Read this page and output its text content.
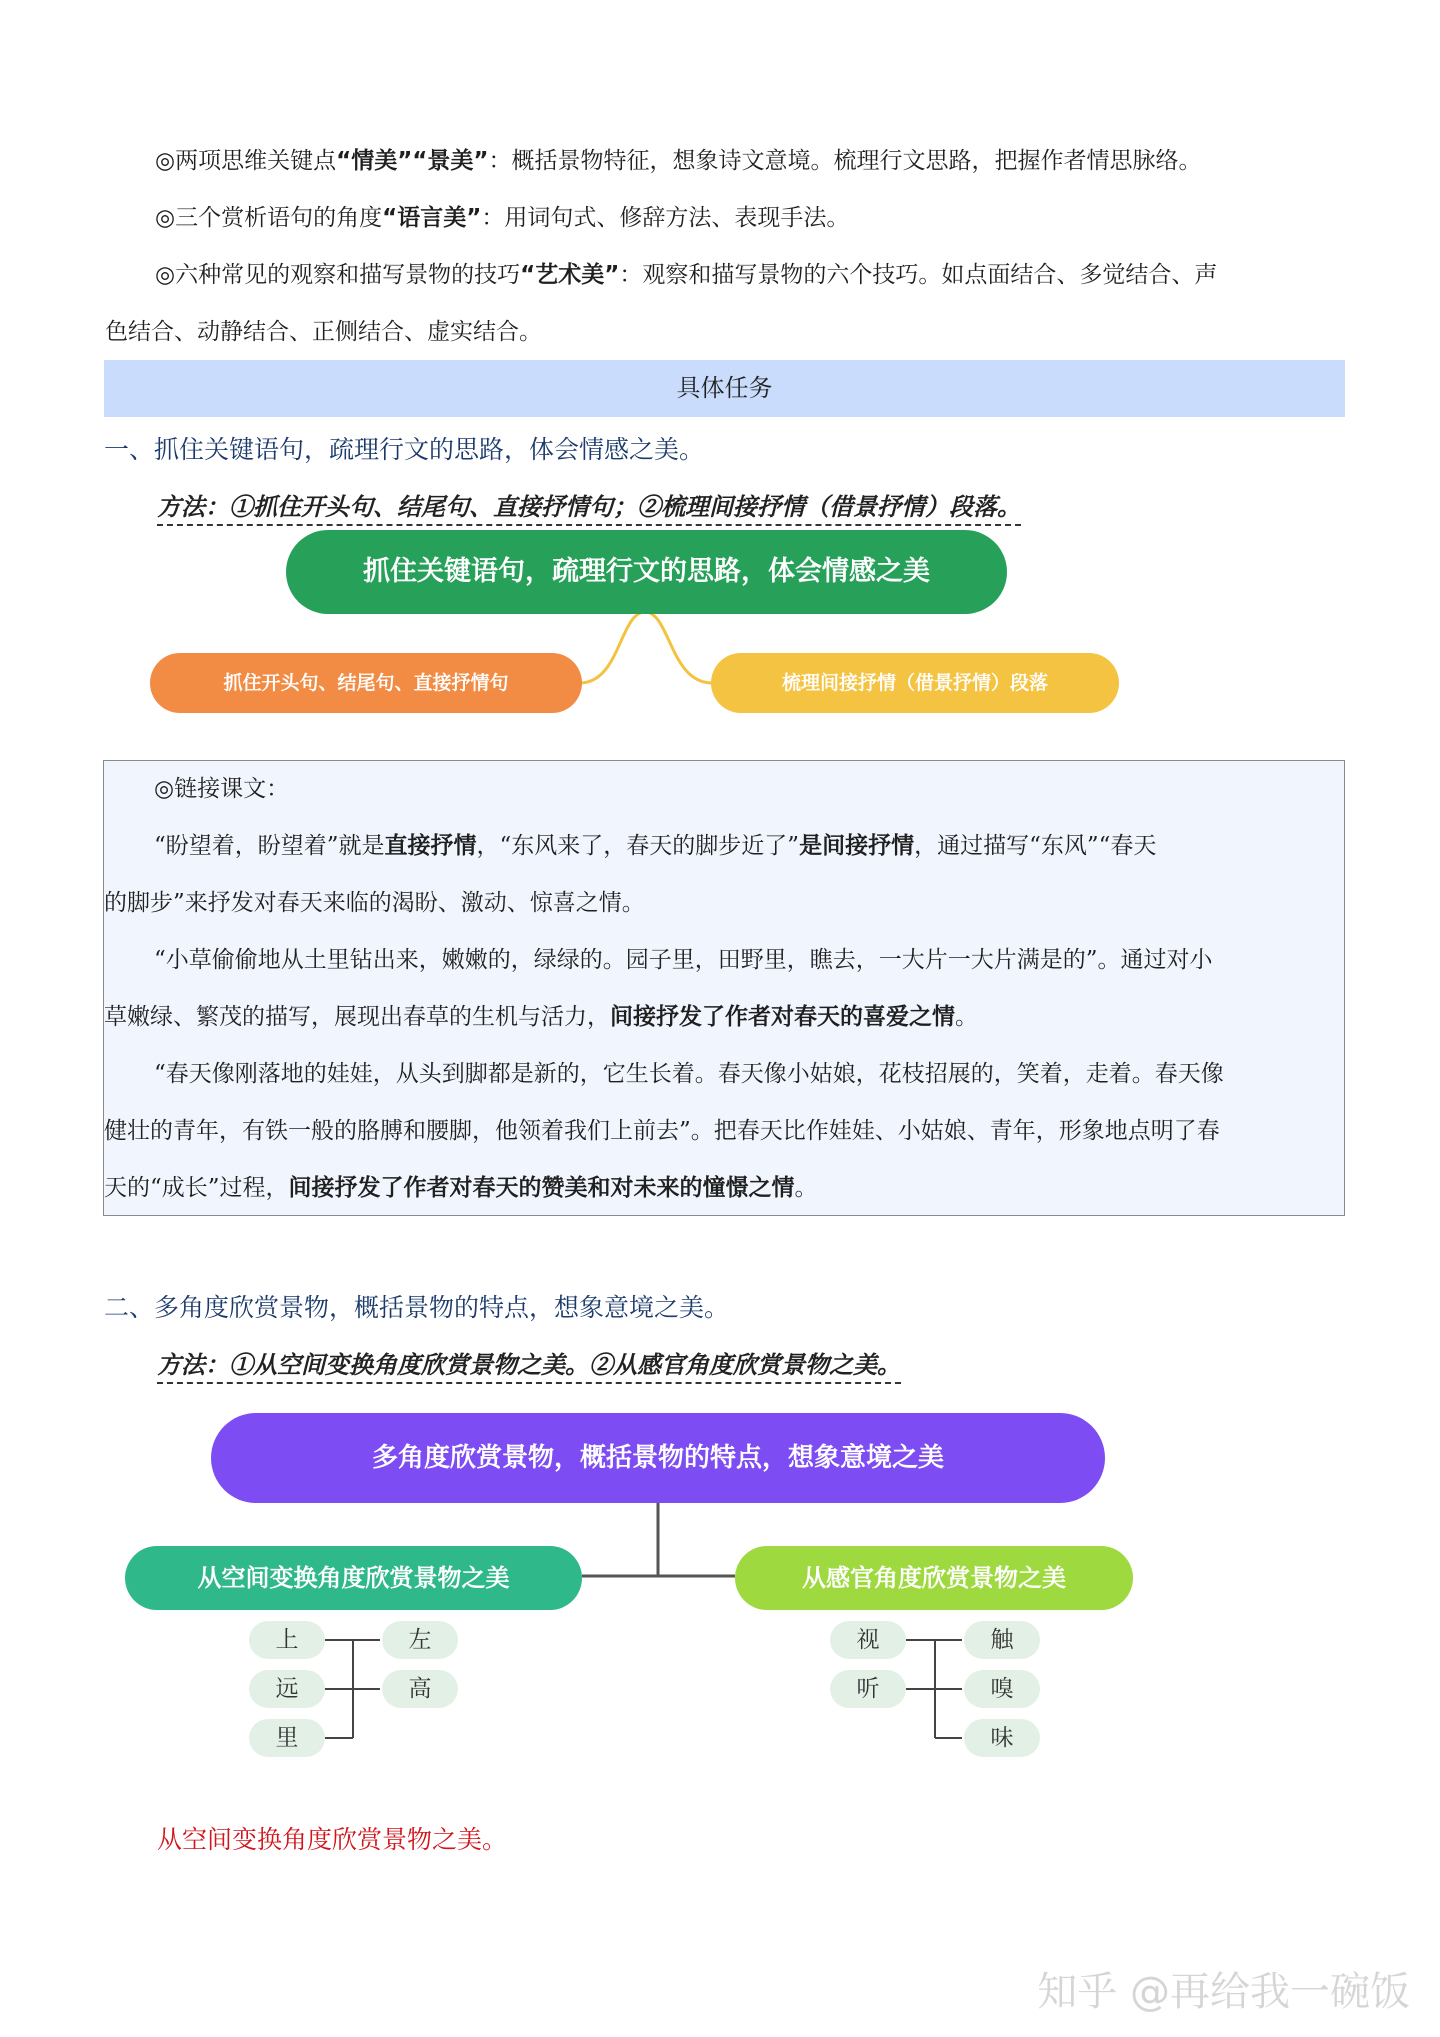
◎两项思维关键点“情美”“景美”：概括景物特征，想象诗文意境。梳理行文思路，把握作者情思脉络。
◎三个赏析语句的角度“语言美”：用词句式、修辞方法、表现手法。
◎六种常见的观察和描写景物的技巧“艺术美”：观察和描写景物的六个技巧。如点面结合、多觉结合、声
色结合、动静结合、正侧结合、虚实结合。
具体任务
一、抓住关键语句，疏理行文的思路，体会情感之美。
方法：①抓住开头句、结尾句、直接抒情句；②梳理间接抒情（借景抒情）段落。
抓住关键语句，疏理行文的思路，体会情感之美
抓住开头句、结尾句、直接抒情句	梳理间接抒情（借景抒情）段落
◎链接课文：
“盼望着，盼望着”就是直接抒情，“东风来了，春天的脚步近了”是间接抒情，通过描写“东风”“春天
的脚步”来抒发对春天来临的渴盼、激动、惊喜之情。
“小草偷偷地从土里钻出来，嫩嫩的，绿绿的。园子里，田野里，瞧去，一大片一大片满是的”。通过对小
草嫩绿、繁茂的描写，展现出春草的生机与活力，间接抒发了作者对春天的喜爱之情。
“春天像刚落地的娃娃，从头到脚都是新的，它生长着。春天像小姑娘，花枝招展的，笑着，走着。春天像
健壮的青年，有铁一般的胳膊和腰脚，他领着我们上前去”。把春天比作娃娃、小姑娘、青年，形象地点明了春
天的“成长”过程，间接抒发了作者对春天的赞美和对未来的憧憬之情。
二、多角度欣赏景物，概括景物的特点，想象意境之美。
方法：①从空间变换角度欣赏景物之美。②从感官角度欣赏景物之美。
多角度欣赏景物，概括景物的特点，想象意境之美
从空间变换角度欣赏景物之美	从感官角度欣赏景物之美
上
远
里
左
高
视
听
触
嗅
味
从空间变换角度欣赏景物之美。
知乎 @再给我一碗饭
